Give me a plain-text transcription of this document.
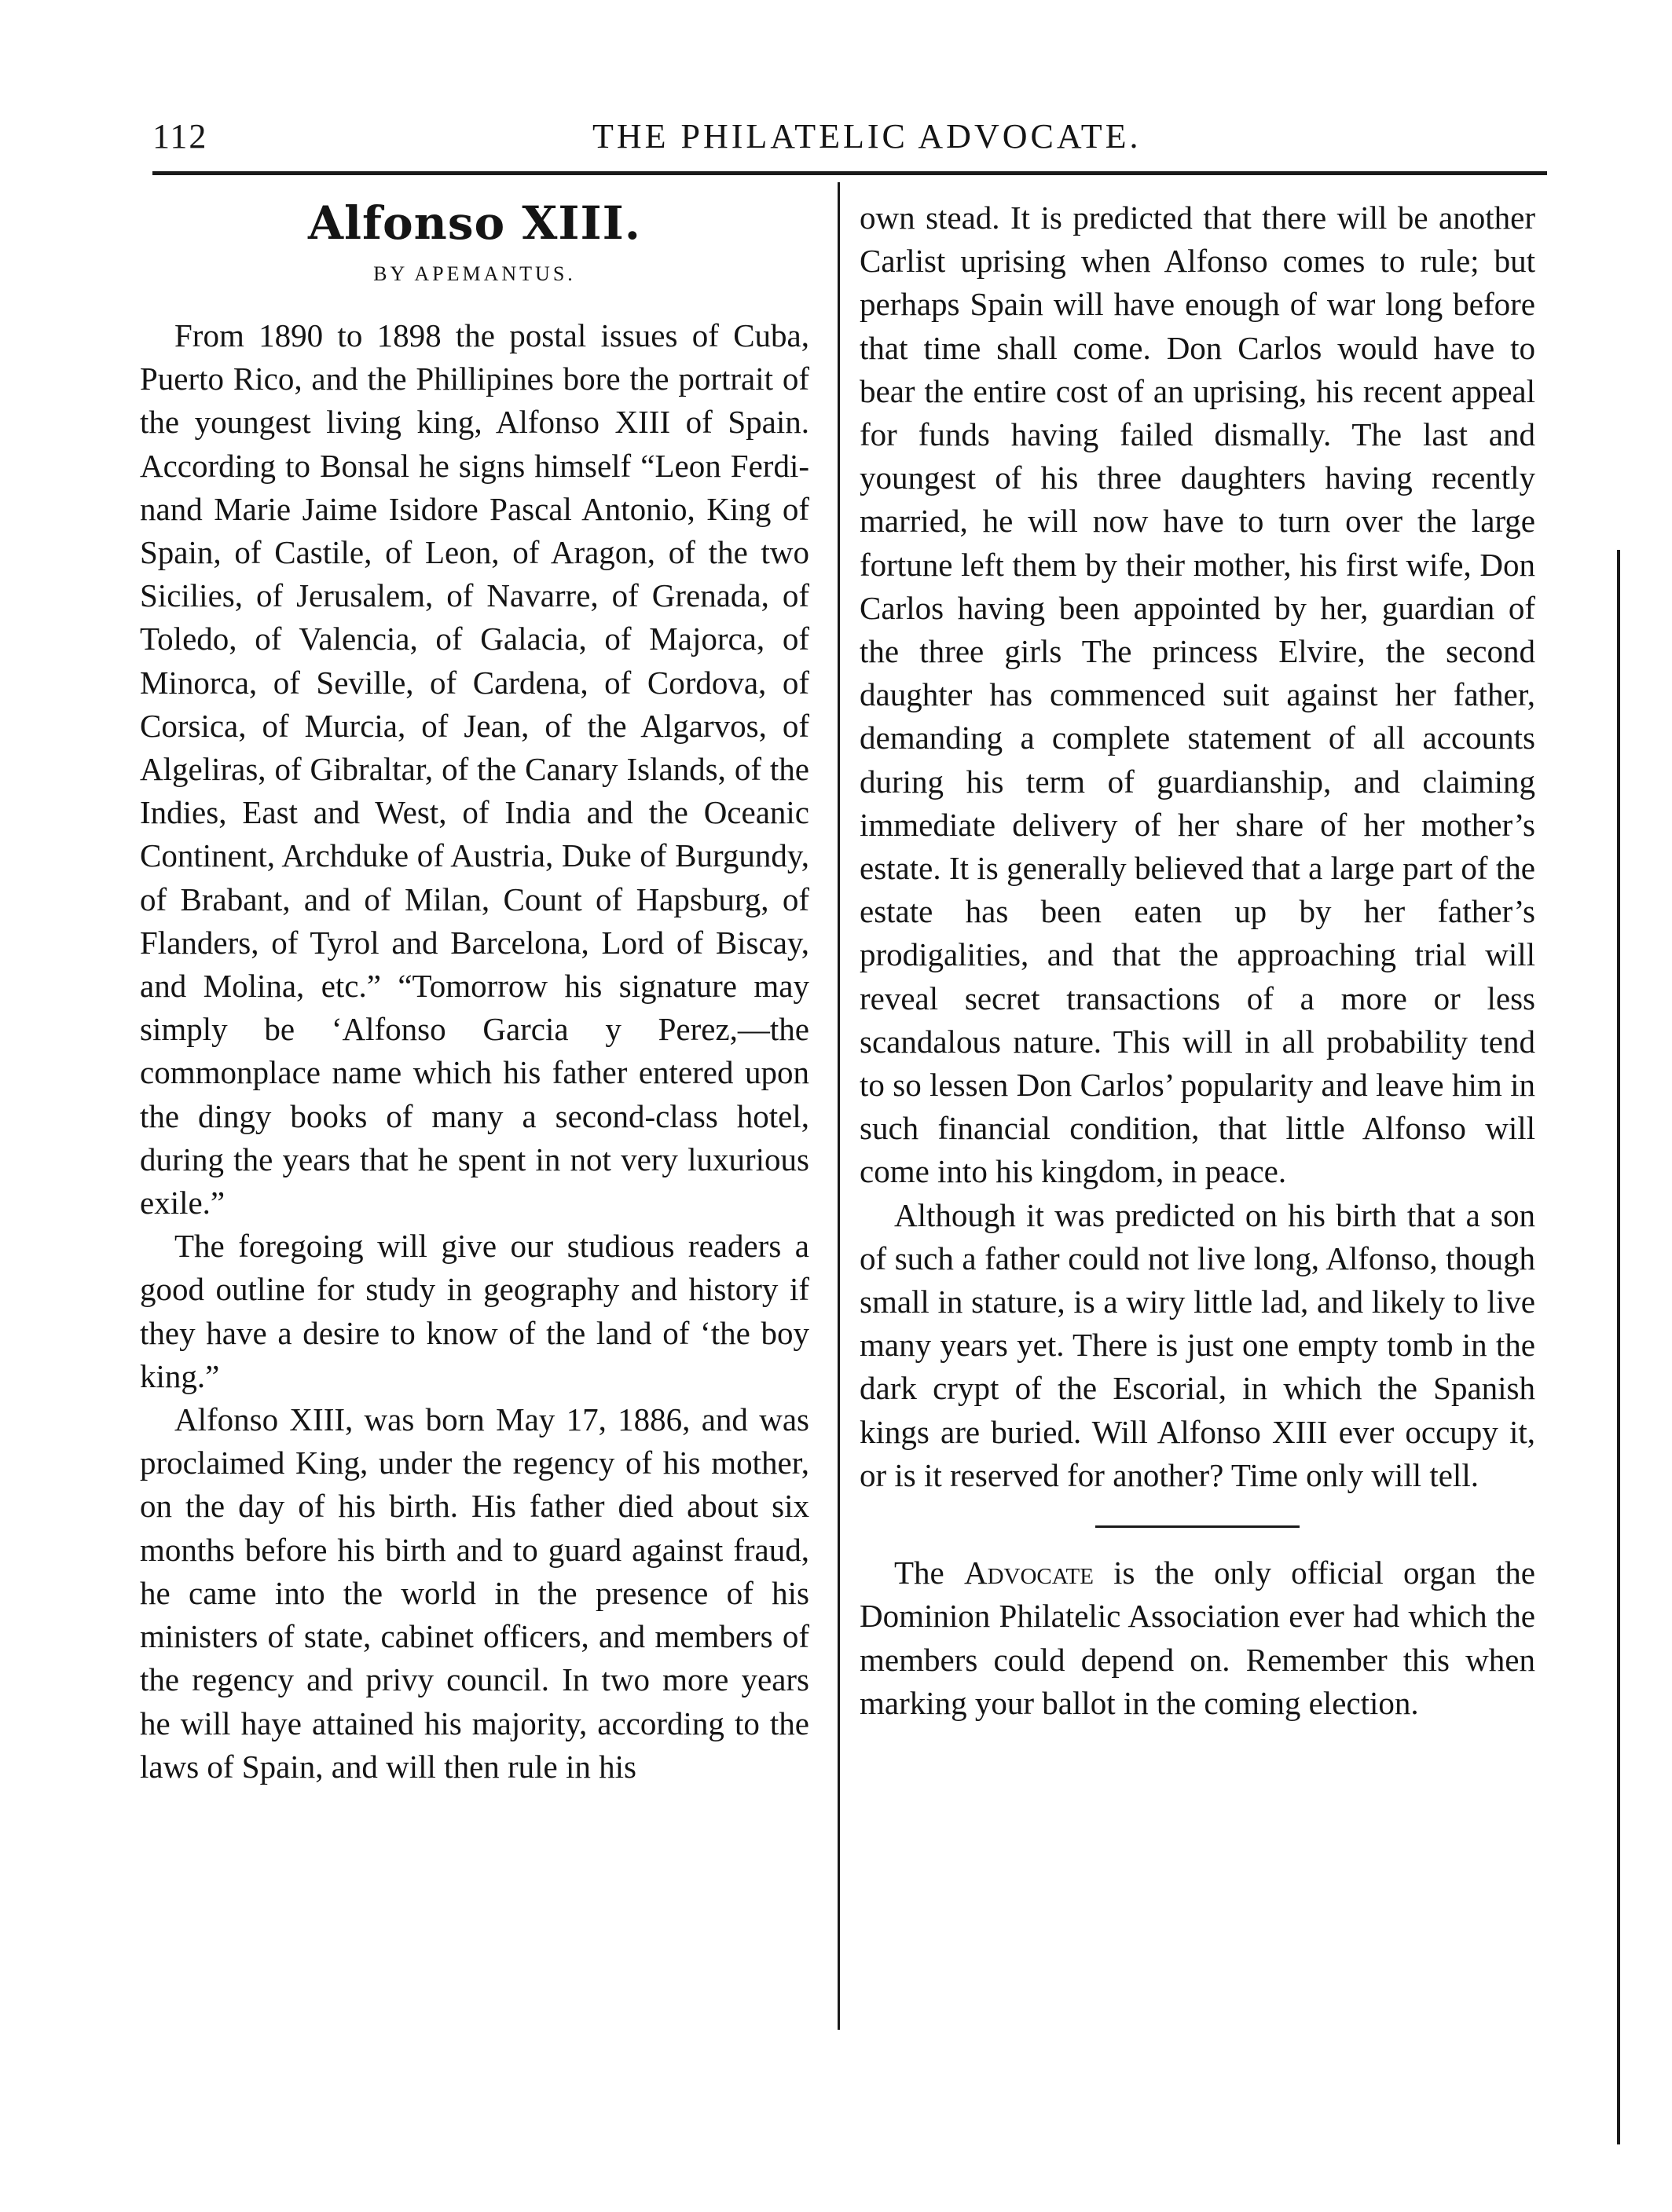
112	THE PHILATELIC ADVOCATE.
Alfonso XIII.
BY APEMANTUS.

From 1890 to 1898 the postal issues of Cuba, Puerto Rico, and the Phillipines bore the portrait of the youngest living king, Alfonso XIII of Spain. According to Bonsal he signs himself “Leon Ferdinand Marie Jaime Isidore Pascal Antonio, King of Spain, of Castile, of Leon, of Aragon, of the two Sicilies, of Jerusalem, of Navarre, of Grenada, of Toledo, of Valencia, of Galacia, of Majorca, of Minorca, of Seville, of Cardena, of Cordova, of Corsica, of Murcia, of Jean, of the Algarvos, of Algeliras, of Gibraltar, of the Canary Islands, of the Indies, East and West, of India and the Oceanic Continent, Archduke of Austria, Duke of Burgundy, of Brabant, and of Milan, Count of Hapsburg, of Flanders, of Tyrol and Barcelona, Lord of Biscay, and Molina, etc.” “Tomorrow his signature may simply be ‘Alfonso Garcia y Perez,—the commonplace name which his father entered upon the dingy books of many a second-class hotel, during the years that he spent in not very luxurious exile.”

The foregoing will give our studious readers a good outline for study in geography and history if they have a desire to know of the land of ‘the boy king.”

Alfonso XIII, was born May 17, 1886, and was proclaimed King, under the regency of his mother, on the day of his birth. His father died about six months before his birth and to guard against fraud, he came into the world in the presence of his ministers of state, cabinet officers, and members of the regency and privy council. In two more years he will haye attained his majority, according to the laws of Spain, and will then rule in his

own stead. It is predicted that there will be another Carlist uprising when Alfonso comes to rule; but perhaps Spain will have enough of war long before that time shall come. Don Carlos would have to bear the entire cost of an uprising, his recent appeal for funds having failed dismally. The last and youngest of his three daughters having recently married, he will now have to turn over the large fortune left them by their mother, his first wife, Don Carlos having been appointed by her, guardian of the three girls The princess Elvire, the second daughter has commenced suit against her father, demanding a complete statement of all accounts during his term of guardianship, and claiming immediate delivery of her share of her mother’s estate. It is generally believed that a large part of the estate has been eaten up by her father’s prodigalities, and that the approaching trial will reveal secret transactions of a more or less scandalous nature. This will in all probability tend to so lessen Don Carlos’ popularity and leave him in such financial condition, that little Alfonso will come into his kingdom, in peace.

Although it was predicted on his birth that a son of such a father could not live long, Alfonso, though small in stature, is a wiry little lad, and likely to live many years yet. There is just one empty tomb in the dark crypt of the Escorial, in which the Spanish kings are buried. Will Alfonso XIII ever occupy it, or is it reserved for another? Time only will tell.

The Advocate is the only official organ the Dominion Philatelic Association ever had which the members could depend on. Remember this when marking your ballot in the coming election.
